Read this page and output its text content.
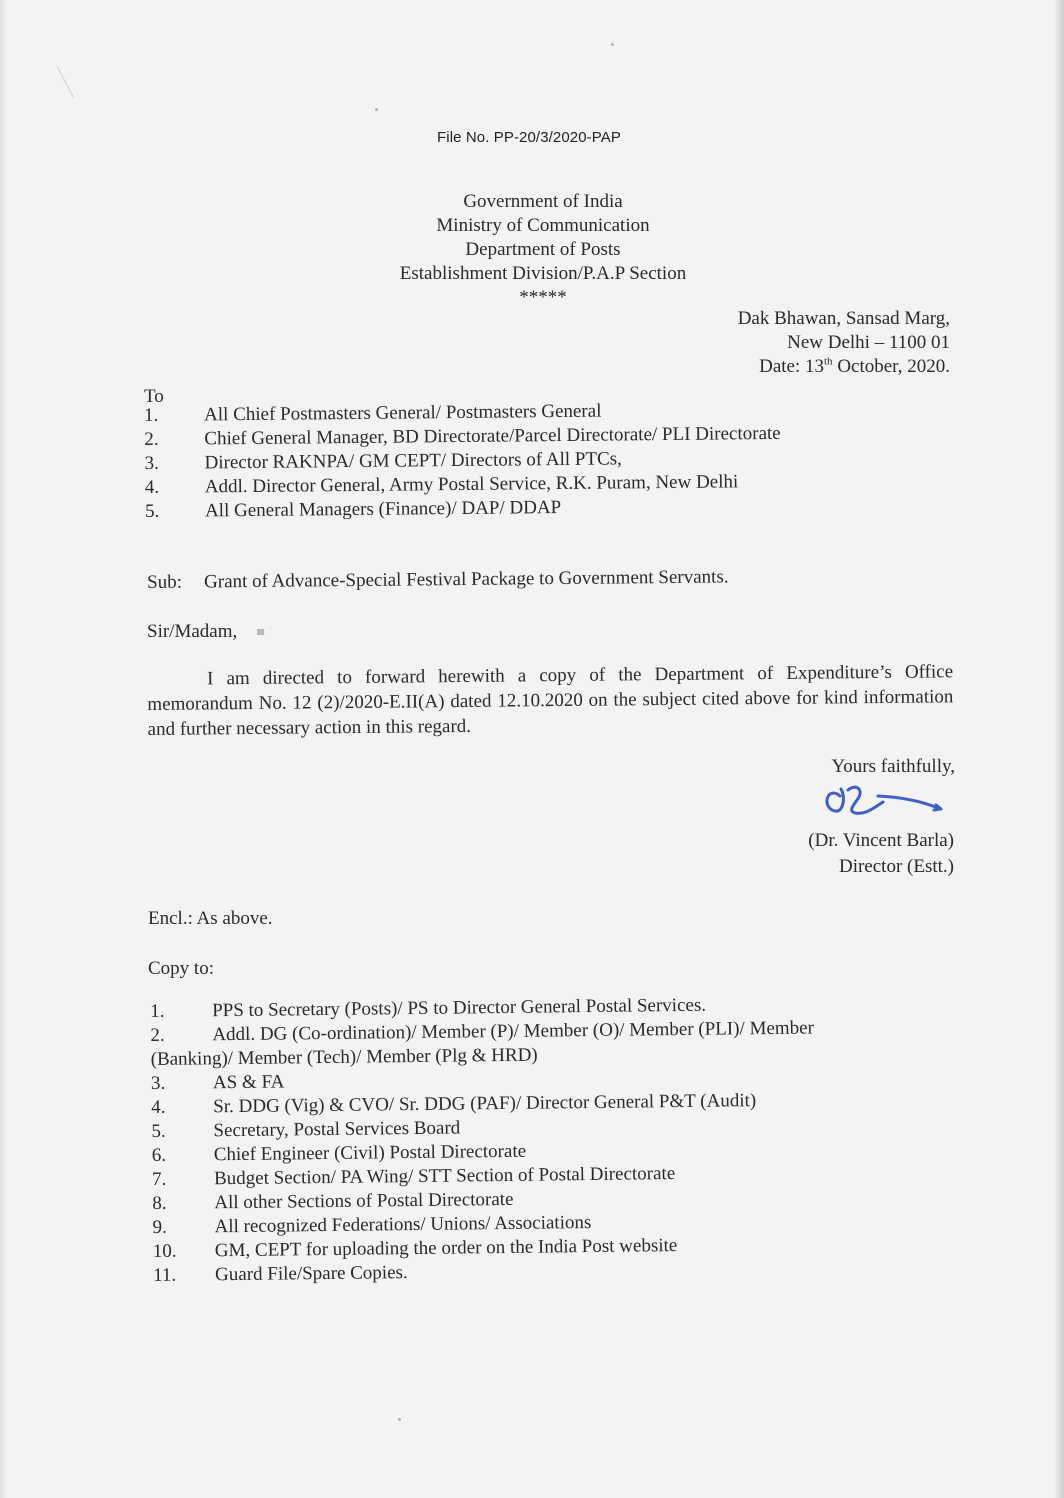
File No. PP-20/3/2020-PAP
Government of India
Ministry of Communication
Department of Posts
Establishment Division/P.A.P Section
*****
Dak Bhawan, Sansad Marg,
New Delhi – 1100 01
Date: 13th October, 2020.
To
1.	All Chief Postmasters General/ Postmasters General
2.	Chief General Manager, BD Directorate/Parcel Directorate/ PLI Directorate
3.	Director RAKNPA/ GM CEPT/ Directors of All PTCs,
4.	Addl. Director General, Army Postal Service, R.K. Puram, New Delhi
5.	All General Managers (Finance)/ DAP/ DDAP
Sub: Grant of Advance-Special Festival Package to Government Servants.
Sir/Madam, ▄ ·
I am directed to forward herewith a copy of the Department of Expenditure’s Office memorandum No. 12 (2)/2020-E.II(A) dated 12.10.2020 on the subject cited above for kind information and further necessary action in this regard.
Yours faithfully,
(Dr. Vincent Barla)
Director (Estt.)
Encl.: As above.
Copy to:
1.	PPS to Secretary (Posts)/ PS to Director General Postal Services.
2.	Addl. DG (Co-ordination)/ Member (P)/ Member (O)/ Member (PLI)/ Member
(Banking)/ Member (Tech)/ Member (Plg & HRD)
3.	AS & FA
4.	Sr. DDG (Vig) & CVO/ Sr. DDG (PAF)/ Director General P&T (Audit)
5.	Secretary, Postal Services Board
6.	Chief Engineer (Civil) Postal Directorate
7.	Budget Section/ PA Wing/ STT Section of Postal Directorate
8.	All other Sections of Postal Directorate
9.	All recognized Federations/ Unions/ Associations
10.	GM, CEPT for uploading the order on the India Post website
11.	Guard File/Spare Copies.
